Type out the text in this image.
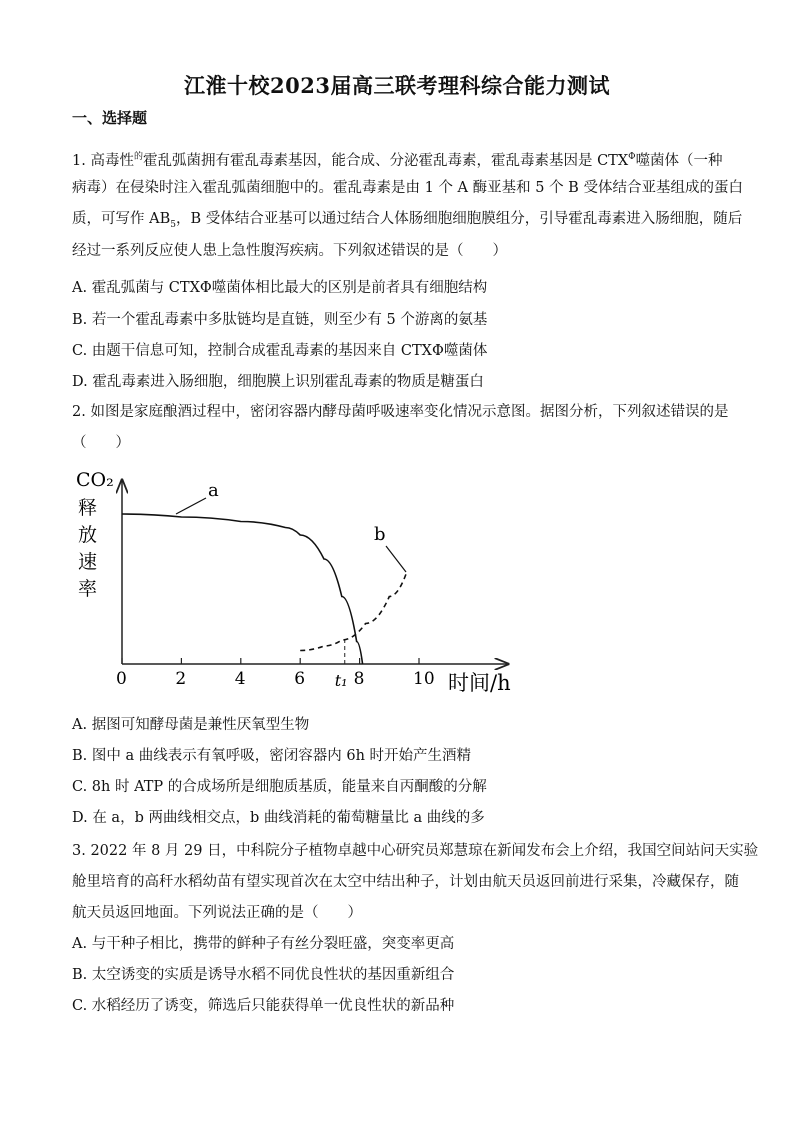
江淮十校2023届高三联考理科综合能力测试
一、选择题
1. 高毒性$^的$霍乱弧菌拥有霍乱毒素基因，能合成、分泌霍乱毒素，霍乱毒素基因是 $CTX^\Phi$噬菌体（一种
病毒）在侵染时注入霍乱弧菌细胞中的。霍乱毒素是由 1 个 A 酶亚基和 5 个 B 受体结合亚基组成的蛋白
质，可写作 $AB_5$，B 受体结合亚基可以通过结合人体肠细胞细胞膜组分，引导霍乱毒素进入肠细胞，随后
经过一系列反应使人患上急性腹泻疾病。下列叙述错误的是（　　）
A. 霍乱弧菌与 CTXΦ噬菌体相比最大的区别是前者具有细胞结构
B. 若一个霍乱毒素中多肽链均是直链，则至少有 5 个游离的氨基
C. 由题干信息可知，控制合成霍乱毒素的基因来自 CTXΦ噬菌体
D. 霍乱毒素进入肠细胞，细胞膜上识别霍乱毒素的物质是糖蛋白
2. 如图是家庭酿酒过程中，密闭容器内酵母菌呼吸速率变化情况示意图。据图分析，下列叙述错误的是
（　　）
CO₂
释
放
速
率
时间/h
0	2	4	6	8	10
t₁
a
b
A. 据图可知酵母菌是兼性厌氧型生物
B. 图中 a 曲线表示有氧呼吸，密闭容器内 6h 时开始产生酒精
C. 8h 时 ATP 的合成场所是细胞质基质，能量来自丙酮酸的分解
D. 在 a，b 两曲线相交点，b 曲线消耗的葡萄糖量比 a 曲线的多
3. 2022 年 8 月 29 日，中科院分子植物卓越中心研究员郑慧琼在新闻发布会上介绍，我国空间站问天实验
舱里培育的高秆水稻幼苗有望实现首次在太空中结出种子，计划由航天员返回前进行采集，冷藏保存，随
航天员返回地面。下列说法正确的是（　　）
A. 与干种子相比，携带的鲜种子有丝分裂旺盛，突变率更高
B. 太空诱变的实质是诱导水稻不同优良性状的基因重新组合
C. 水稻经历了诱变，筛选后只能获得单一优良性状的新品种
